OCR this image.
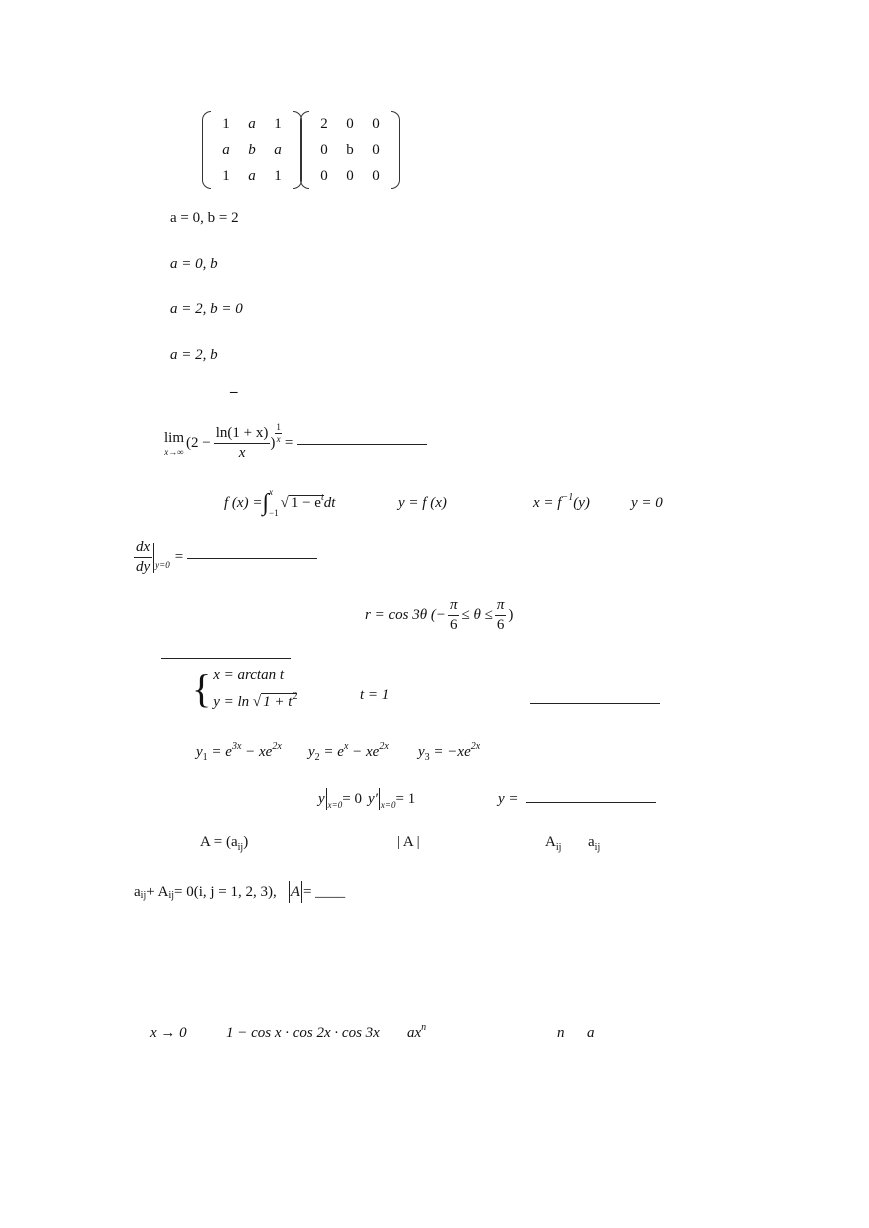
1	a	1
a	b	a
1	a	1
2	0	0
0	b	0
0	0	0
a = 0, b = 2
a = 0, b
a = 2, b = 0
a = 2, b
–
lim
x→∞
($2 - \frac{\ln(1 + x)}{x}$ ) $\frac{1}{x}$ =
f (x) = ∫ x
−1
√ $1 - e^t$ dt	y = f (x)	$x = f^{-1}(y)$	y = 0
$\frac{dx}{dy} y=0$ =
r = cos 3θ (− $\frac{\pi}{6} \le \theta \le \frac{\pi}{6}$ )
{ x = arctan t
y = ln √ $1 + t^2$	t = 1
$y_1 = e^{3x} - xe^{2x}$ $y_2 = e^x - xe^{2x}$ $y_3 = -xe^{2x}$
y x=0 = 0 y′ x=0 = 1	y =
$A = (a_{ij})$	| A |	$A_{ij}$ $a_{ij}$
a ij + A ij = 0(i, j = 1, 2, 3), A = ____
x → 0	1 − cos x · cos 2x · cos 3x $ax^n$	n a
